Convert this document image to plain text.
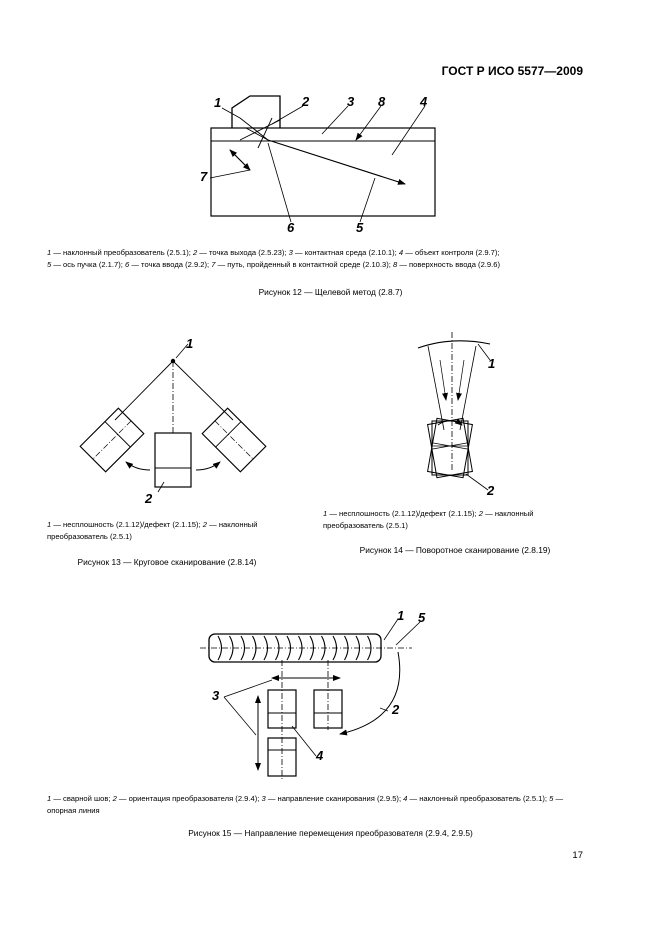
ГОСТ Р ИСО 5577—2009
1	2	3 8	4
7
6	5
1 — наклонный преобразователь (2.5.1); 2 — точка выхода (2.5.23); 3 — контактная среда (2.10.1); 4 — объект контроля (2.9.7);
5 — ось пучка (2.1.7); 6 — точка ввода (2.9.2); 7 — путь, пройденный в контактной среде (2.10.3); 8 — поверхность ввода (2.9.6)
Рисунок 12 — Щелевой метод (2.8.7)
1
2
1 — несплошность (2.1.12)/дефект (2.1.15); 2 — наклонный преобразователь (2.5.1)
Рисунок 13 — Круговое сканирование (2.8.14)
1
2
1 — несплошность (2.1.12)/дефект (2.1.15); 2 — наклонный преобразователь (2.5.1)
Рисунок 14 — Поворотное сканирование (2.8.19)
1 5
3
2
4
1 — сварной шов; 2 — ориентация преобразователя (2.9.4); 3 — направление сканирования (2.9.5); 4 — наклонный преобразователь (2.5.1); 5 — опорная линия
Рисунок 15 — Направление перемещения преобразователя (2.9.4, 2.9.5)
17
